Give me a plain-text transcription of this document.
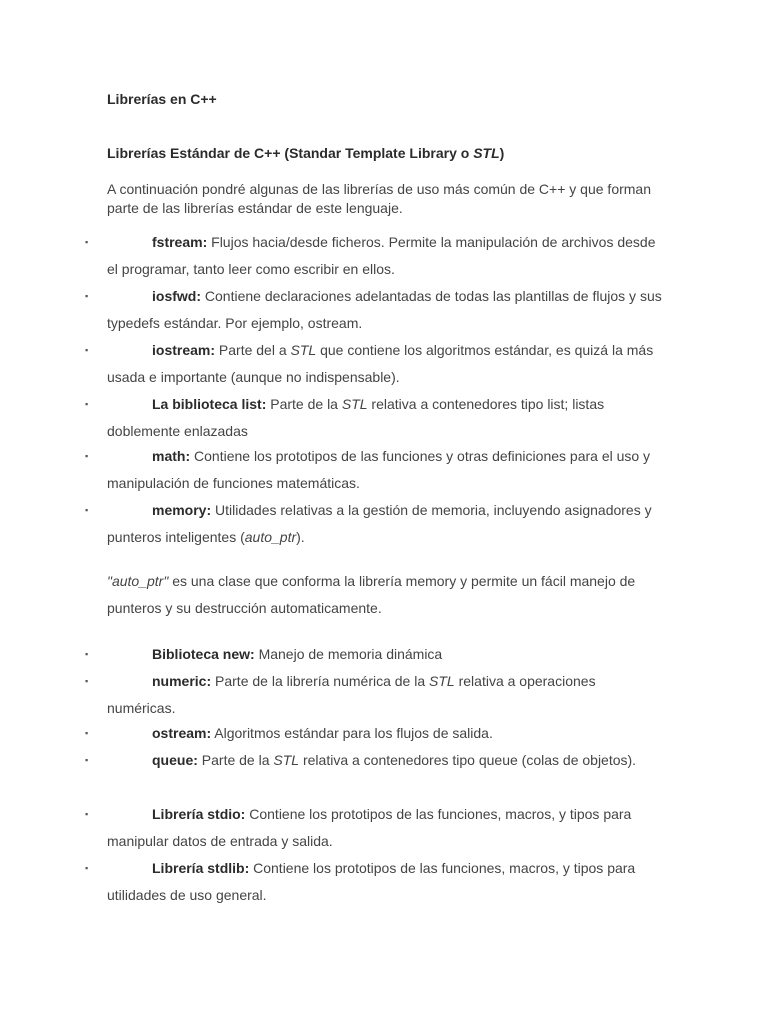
Librerías en C++
Librerías Estándar de C++ (Standar Template Library o STL)

A continuación pondré algunas de las librerías de uso más común de C++ y que forman parte de las librerías estándar de este lenguaje.

▪	fstream: Flujos hacia/desde ficheros. Permite la manipulación de archivos desde el programar, tanto leer como escribir en ellos.
▪	iosfwd: Contiene declaraciones adelantadas de todas las plantillas de flujos y sus typedefs estándar. Por ejemplo, ostream.
▪	iostream: Parte del a STL que contiene los algoritmos estándar, es quizá la más usada e importante (aunque no indispensable).
▪	La biblioteca list: Parte de la STL relativa a contenedores tipo list; listas doblemente enlazadas
▪	math: Contiene los prototipos de las funciones y otras definiciones para el uso y manipulación de funciones matemáticas.
▪	memory: Utilidades relativas a la gestión de memoria, incluyendo asignadores y punteros inteligentes (auto_ptr).

"auto_ptr" es una clase que conforma la librería memory y permite un fácil manejo de punteros y su destrucción automaticamente.

▪	Biblioteca new: Manejo de memoria dinámica
▪	numeric: Parte de la librería numérica de la STL relativa a operaciones numéricas.
▪	ostream: Algoritmos estándar para los flujos de salida.
▪	queue: Parte de la STL relativa a contenedores tipo queue (colas de objetos).
▪	Librería stdio: Contiene los prototipos de las funciones, macros, y tipos para manipular datos de entrada y salida.
▪	Librería stdlib: Contiene los prototipos de las funciones, macros, y tipos para utilidades de uso general.
